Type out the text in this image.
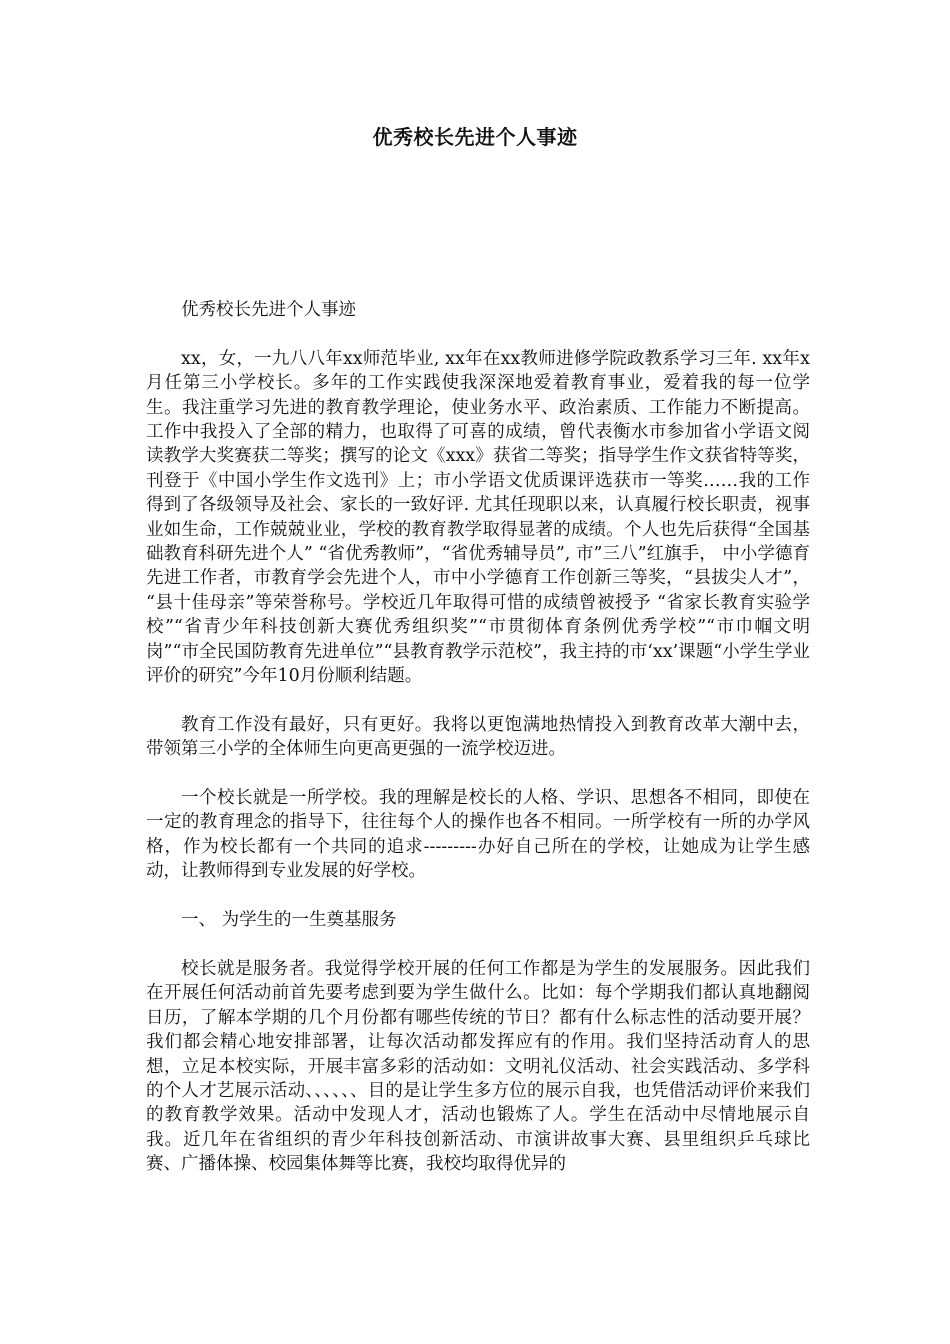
优秀校长先进个人事迹

优秀校长先进个人事迹

xx，女，一九八八年xx师范毕业, xx年在xx教师进修学院政教系学习三年. xx年x月任第三小学校长。多年的工作实践使我深深地爱着教育事业，爱着我的每一位学生。我注重学习先进的教育教学理论，使业务水平、政治素质、工作能力不断提高。工作中我投入了全部的精力，也取得了可喜的成绩，曾代表衡水市参加省小学语文阅读教学大奖赛获二等奖；撰写的论文《xxx》获省二等奖；指导学生作文获省特等奖，刊登于《中国小学生作文选刊》上；市小学语文优质课评选获市一等奖……我的工作得到了各级领导及社会、家长的一致好评. 尤其任现职以来，认真履行校长职责，视事业如生命，工作兢兢业业，学校的教育教学取得显著的成绩。个人也先后获得“全国基础教育科研先进个人” “省优秀教师”，“省优秀辅导员”, 市”三八”红旗手， 中小学德育先进工作者，市教育学会先进个人，市中小学德育工作创新三等奖，“县拔尖人才”， “县十佳母亲”等荣誉称号。学校近几年取得可惜的成绩曾被授予 “省家长教育实验学校”“省青少年科技创新大赛优秀组织奖”“市贯彻体育条例优秀学校”“市巾帼文明岗”“市全民国防教育先进单位”“县教育教学示范校”，我主持的市‘xx’课题“小学生学业评价的研究”今年10月份顺利结题。

教育工作没有最好，只有更好。我将以更饱满地热情投入到教育改革大潮中去，带领第三小学的全体师生向更高更强的一流学校迈进。

一个校长就是一所学校。我的理解是校长的人格、学识、思想各不相同，即使在一定的教育理念的指导下，往往每个人的操作也各不相同。一所学校有一所的办学风格，作为校长都有一个共同的追求---------办好自己所在的学校，让她成为让学生感动，让教师得到专业发展的好学校。

一、 为学生的一生奠基服务

校长就是服务者。我觉得学校开展的任何工作都是为学生的发展服务。因此我们在开展任何活动前首先要考虑到要为学生做什么。比如：每个学期我们都认真地翻阅日历，了解本学期的几个月份都有哪些传统的节日？都有什么标志性的活动要开展？我们都会精心地安排部署，让每次活动都发挥应有的作用。我们坚持活动育人的思想，立足本校实际，开展丰富多彩的活动如：文明礼仪活动、社会实践活动、多学科的个人才艺展示活动、、、、、、目的是让学生多方位的展示自我，也凭借活动评价来我们的教育教学效果。活动中发现人才，活动也锻炼了人。学生在活动中尽情地展示自我。近几年在省组织的青少年科技创新活动、市演讲故事大赛、县里组织乒乓球比赛、广播体操、校园集体舞等比赛，我校均取得优异的
